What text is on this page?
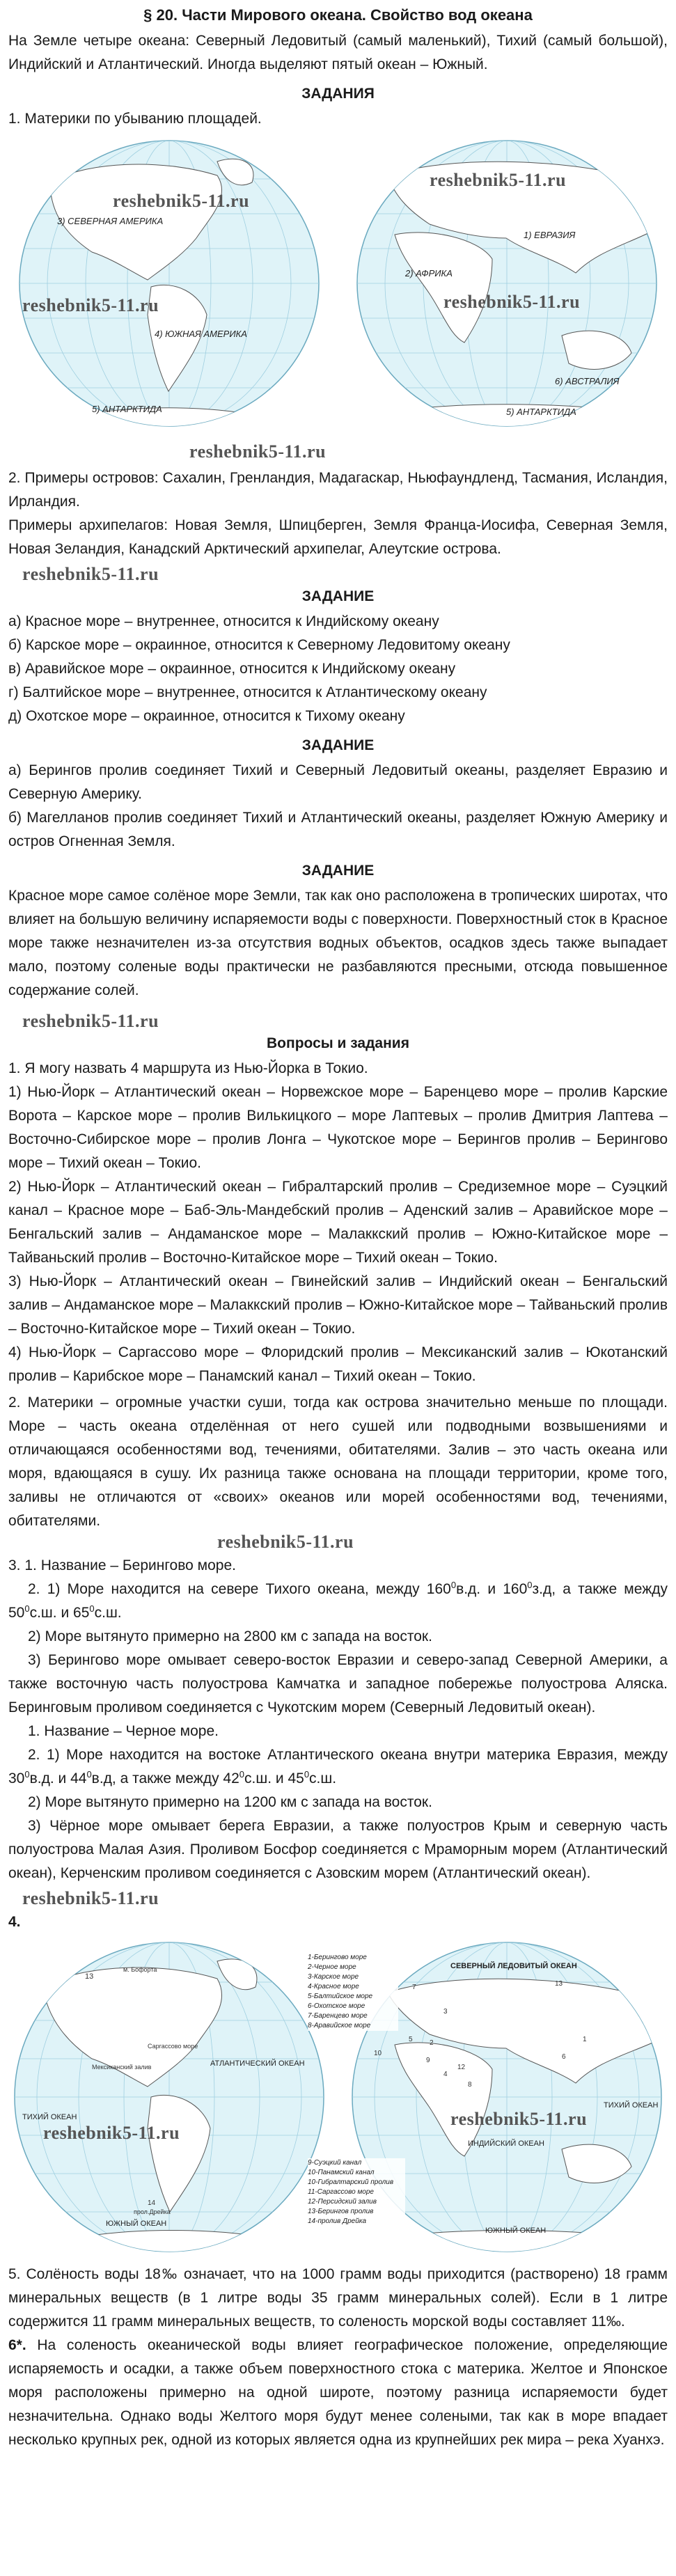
§ 20. Части Мирового океана. Свойство вод океана

На Земле четыре океана: Северный Ледовитый (самый маленький), Тихий (самый большой), Индийский и Атлантический. Иногда выделяют пятый океан – Южный.

ЗАДАНИЯ

1. Материки по убыванию площадей.

3) СЕВЕРНАЯ АМЕРИКА
4) ЮЖНАЯ АМЕРИКА
5) АНТАРКТИДА
reshebnik5-11.ru
reshebnik5-11.ru
1) ЕВРАЗИЯ
2) АФРИКА
6) АВСТРАЛИЯ
5) АНТАРКТИДА
reshebnik5-11.ru
reshebnik5-11.ru
reshebnik5-11.ru

2. Примеры островов: Сахалин, Гренландия, Мадагаскар, Ньюфаундленд, Тасмания, Исландия, Ирландия.

Примеры архипелагов: Новая Земля, Шпицберген, Земля Франца-Иосифа, Северная Земля, Новая Зеландия, Канадский Арктический архипелаг, Алеутские острова.

reshebnik5-11.ru
ЗАДАНИЕ

а) Красное море – внутреннее, относится к Индийскому океану

б) Карское море – окраинное, относится к Северному Ледовитому океану

в) Аравийское море – окраинное, относится к Индийскому океану

г) Балтийское море – внутреннее, относится к Атлантическому океану

д) Охотское море – окраинное, относится к Тихому океану

ЗАДАНИЕ

а) Берингов пролив соединяет Тихий и Северный Ледовитый океаны, разделяет Евразию и Северную Америку.

б) Магелланов пролив соединяет Тихий и Атлантический океаны, разделяет Южную Америку и остров Огненная Земля.

ЗАДАНИЕ

Красное море самое солёное море Земли, так как оно расположена в тропических широтах, что влияет на большую величину испаряемости воды с поверхности. Поверхностный сток в Красное море также незначителен из-за отсутствия водных объектов, осадков здесь также выпадает мало, поэтому соленые воды практически не разбавляются пресными, отсюда повышенное содержание солей.

reshebnik5-11.ru
Вопросы и задания

1. Я могу назвать 4 маршрута из Нью-Йорка в Токио.

1) Нью-Йорк – Атлантический океан – Норвежское море – Баренцево море – пролив Карские Ворота – Карское море – пролив Вилькицкого – море Лаптевых – пролив Дмитрия Лаптева – Восточно-Сибирское море – пролив Лонга – Чукотское море – Берингов пролив – Берингово море – Тихий океан – Токио.

2) Нью-Йорк – Атлантический океан – Гибралтарский пролив – Средиземное море – Суэцкий канал – Красное море – Баб-Эль-Мандебский пролив – Аденский залив – Аравийское море – Бенгальский залив – Андаманское море – Малаккский пролив – Южно-Китайское море – Тайваньский пролив – Восточно-Китайское море – Тихий океан – Токио.

3) Нью-Йорк – Атлантический океан – Гвинейский залив – Индийский океан – Бенгальский залив – Андаманское море – Малаккский пролив – Южно-Китайское море – Тайваньский пролив – Восточно-Китайское море – Тихий океан – Токио.

4) Нью-Йорк – Саргассово море – Флоридский пролив – Мексиканский залив – Юкотанский пролив – Карибское море – Панамский канал – Тихий океан – Токио.

2. Материки – огромные участки суши, тогда как острова значительно меньше по площади. Море – часть океана отделённая от него сушей или подводными возвышениями и отличающаяся особенностями вод, течениями, обитателями. Залив – это часть океана или моря, вдающаяся в сушу. Их разница также основана на площади территории, кроме того, заливы не отличаются от «своих» океанов или морей особенностями вод, течениями, обитателями.

reshebnik5-11.ru

3. 1. Название – Берингово море.

2. 1) Море находится на севере Тихого океана, между $160^0в.д$. и $160^0з.д$, а также между $50^0с.ш$. и $65^0с.ш$.

2) Море вытянуто примерно на 2800 км с запада на восток.

3) Берингово море омывает северо-восток Евразии и северо-запад Северной Америки, а также восточную часть полуострова Камчатка и западное побережье полуострова Аляска. Беринговым проливом соединяется с Чукотским морем (Северный Ледовитый океан).

1. Название – Черное море.

2. 1) Море находится на востоке Атлантического океана внутри материка Евразия, между $30^0в.д$. и $44^0в.д$, а также между $42^0с.ш$. и $45^0с.ш$.

2) Море вытянуто примерно на 1200 км с запада на восток.

3) Чёрное море омывает берега Евразии, а также полуостров Крым и северную часть полуострова Малая Азия. Проливом Босфор соединяется с Мраморным морем (Атлантический океан), Керченским проливом соединяется с Азовским морем (Атлантический океан).

reshebnik5-11.ru

4.

13
м. Бофорта
Саргассово море
Мексиканский залив	АТЛАНТИЧЕСКИЙ ОКЕАН
ТИХИЙ ОКЕАН
ЮЖНЫЙ ОКЕАН
14
прол.Дрейка
reshebnik5-11.ru
СЕВЕРНЫЙ ЛЕДОВИТЫЙ ОКЕАН
ИНДИЙСКИЙ ОКЕАН
ТИХИЙ ОКЕАН
ЮЖНЫЙ ОКЕАН
7
3
13
1
6
2
5
4
8
12
10
9
reshebnik5-11.ru
1-Берингово море
2-Черное море
3-Карское море
4-Красное море
5-Балтийское море
6-Охотское море
7-Баренцево море
8-Аравийское море
9-Суэцкий канал
10-Панамский канал
10-Гибралтарский пролив
11-Саргассово море
12-Персидский залив
13-Берингов пролив
14-пролив Дрейка

5. Солёность воды 18‰ означает, что на 1000 грамм воды приходится (растворено) 18 грамм минеральных веществ (в 1 литре воды 35 грамм минеральных солей). Если в 1 литре содержится 11 грамм минеральных веществ, то соленость морской воды составляет 11‰.

6*. На соленость океанической воды влияет географическое положение, определяющие испаряемость и осадки, а также объем поверхностного стока с материка. Желтое и Японское моря расположены примерно на одной широте, поэтому разница испаряемости будет незначительна. Однако воды Желтого моря будут менее солеными, так как в море впадает несколько крупных рек, одной из которых является одна из крупнейших рек мира – река Хуанхэ.
